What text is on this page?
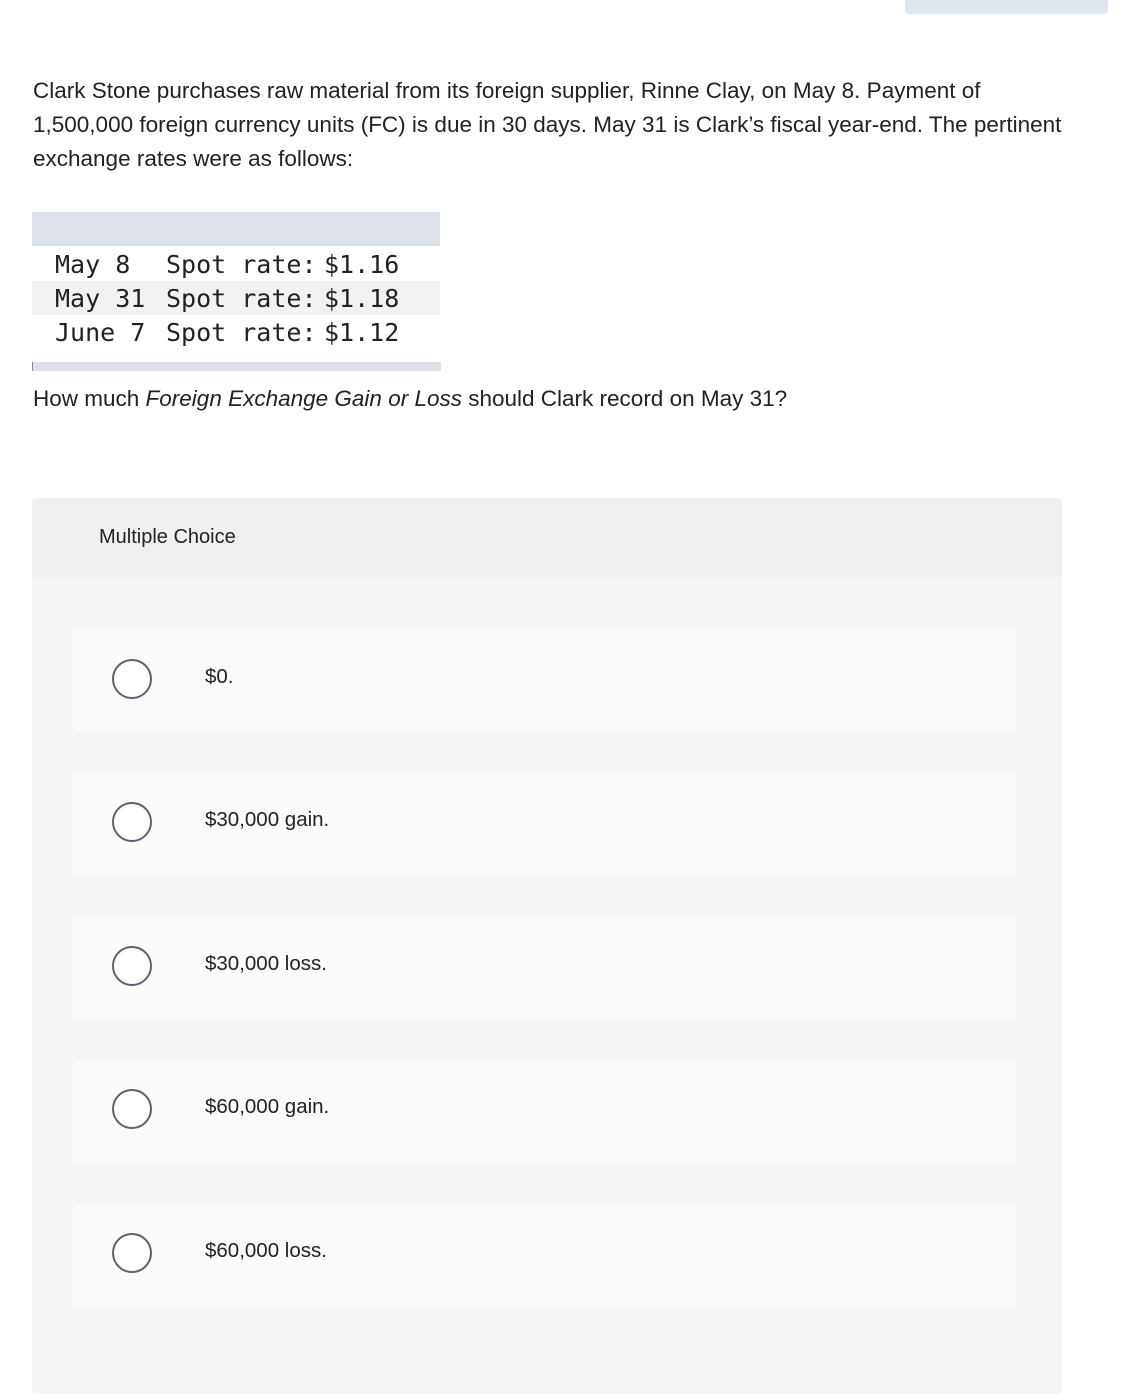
Clark Stone purchases raw material from its foreign supplier, Rinne Clay, on May 8. Payment of 1,500,000 foreign currency units (FC) is due in 30 days. May 31 is Clark’s fiscal year-end. The pertinent exchange rates were as follows:
May 8	Spot rate: $1.16
May 31 Spot rate: $1.18
June 7 Spot rate: $1.12
How much Foreign Exchange Gain or Loss should Clark record on May 31?
Multiple Choice
$0.
$30,000 gain.
$30,000 loss.
$60,000 gain.
$60,000 loss.
